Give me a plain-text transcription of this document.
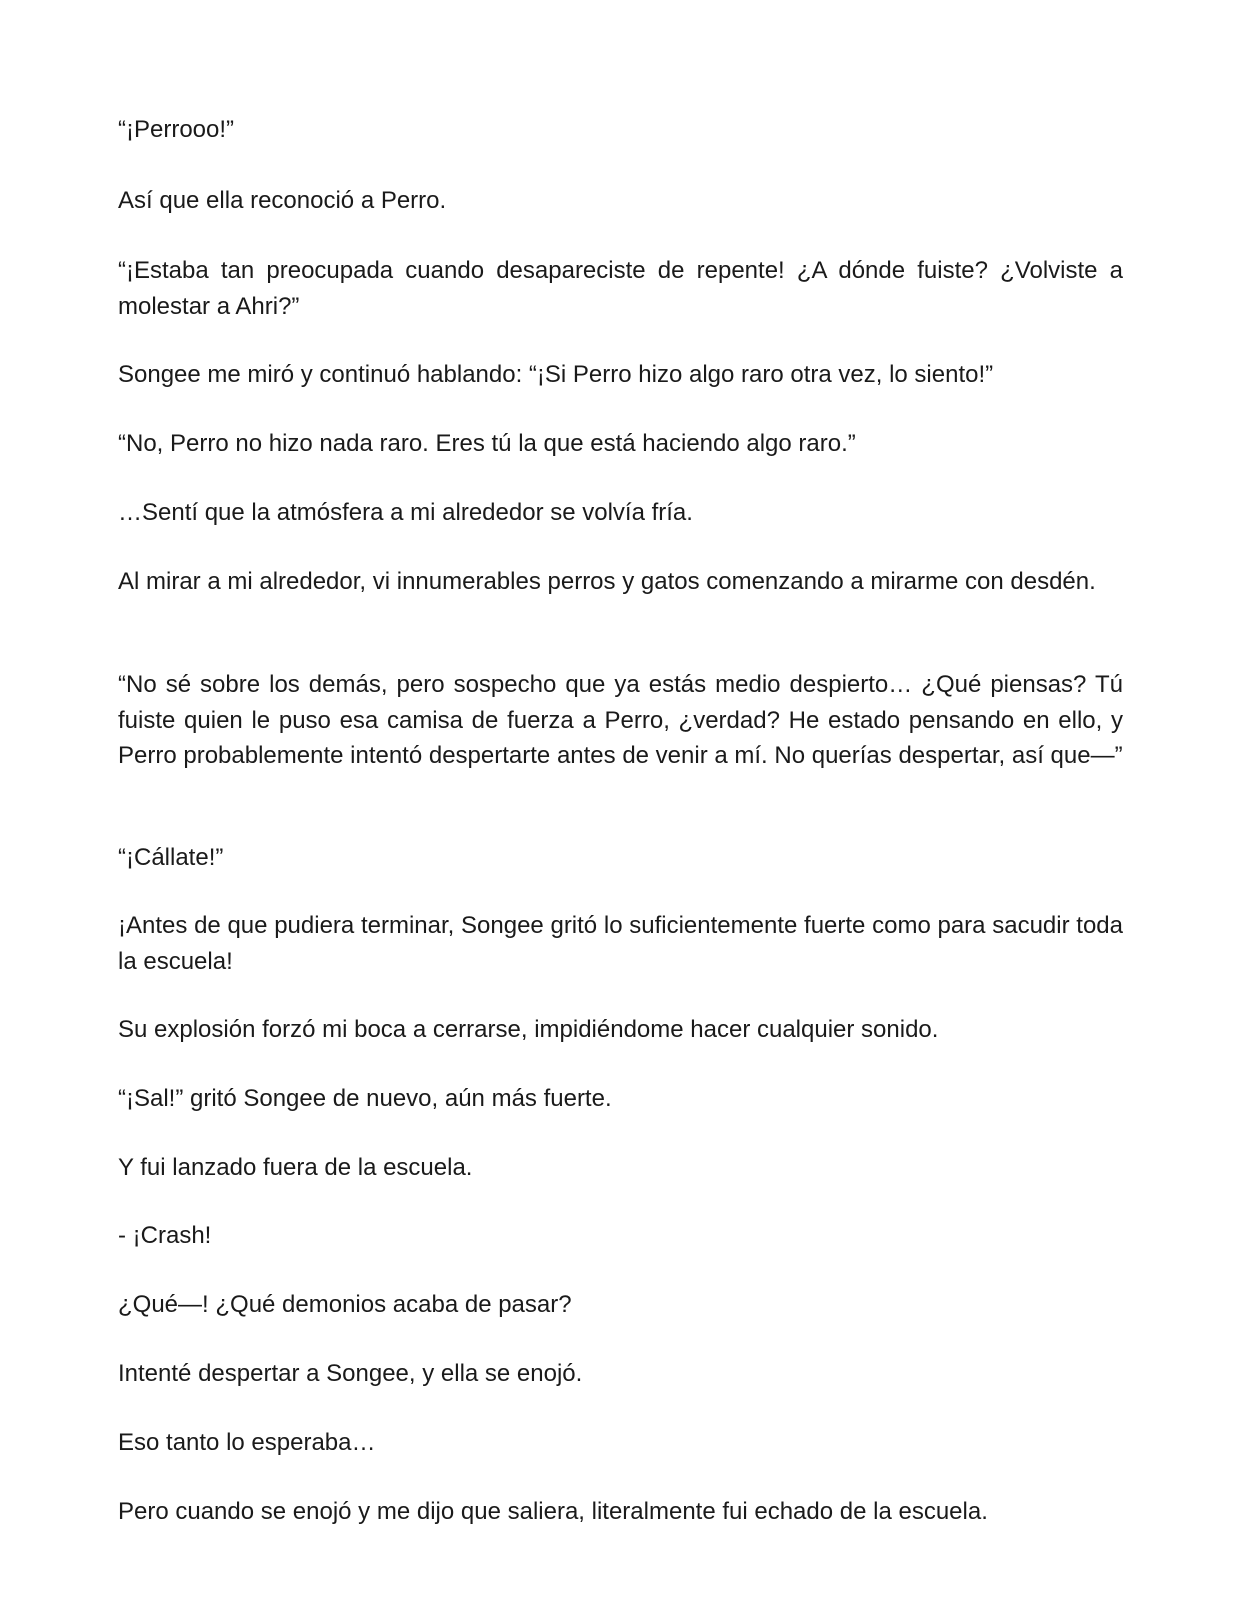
“¡Perrooo!”

Así que ella reconoció a Perro.

“¡Estaba tan preocupada cuando desapareciste de repente! ¿A dónde fuiste? ¿Volviste a molestar a Ahri?”

Songee me miró y continuó hablando: “¡Si Perro hizo algo raro otra vez, lo siento!”

“No, Perro no hizo nada raro. Eres tú la que está haciendo algo raro.”

…Sentí que la atmósfera a mi alrededor se volvía fría.

Al mirar a mi alrededor, vi innumerables perros y gatos comenzando a mirarme con desdén.

“No sé sobre los demás, pero sospecho que ya estás medio despierto… ¿Qué piensas? Tú fuiste quien le puso esa camisa de fuerza a Perro, ¿verdad? He estado pensando en ello, y Perro probablemente intentó despertarte antes de venir a mí. No querías despertar, así que—”

“¡Cállate!”

¡Antes de que pudiera terminar, Songee gritó lo suficientemente fuerte como para sacudir toda la escuela!

Su explosión forzó mi boca a cerrarse, impidiéndome hacer cualquier sonido.

“¡Sal!” gritó Songee de nuevo, aún más fuerte.

Y fui lanzado fuera de la escuela.

- ¡Crash!

¿Qué—! ¿Qué demonios acaba de pasar?

Intenté despertar a Songee, y ella se enojó.

Eso tanto lo esperaba…

Pero cuando se enojó y me dijo que saliera, literalmente fui echado de la escuela.
